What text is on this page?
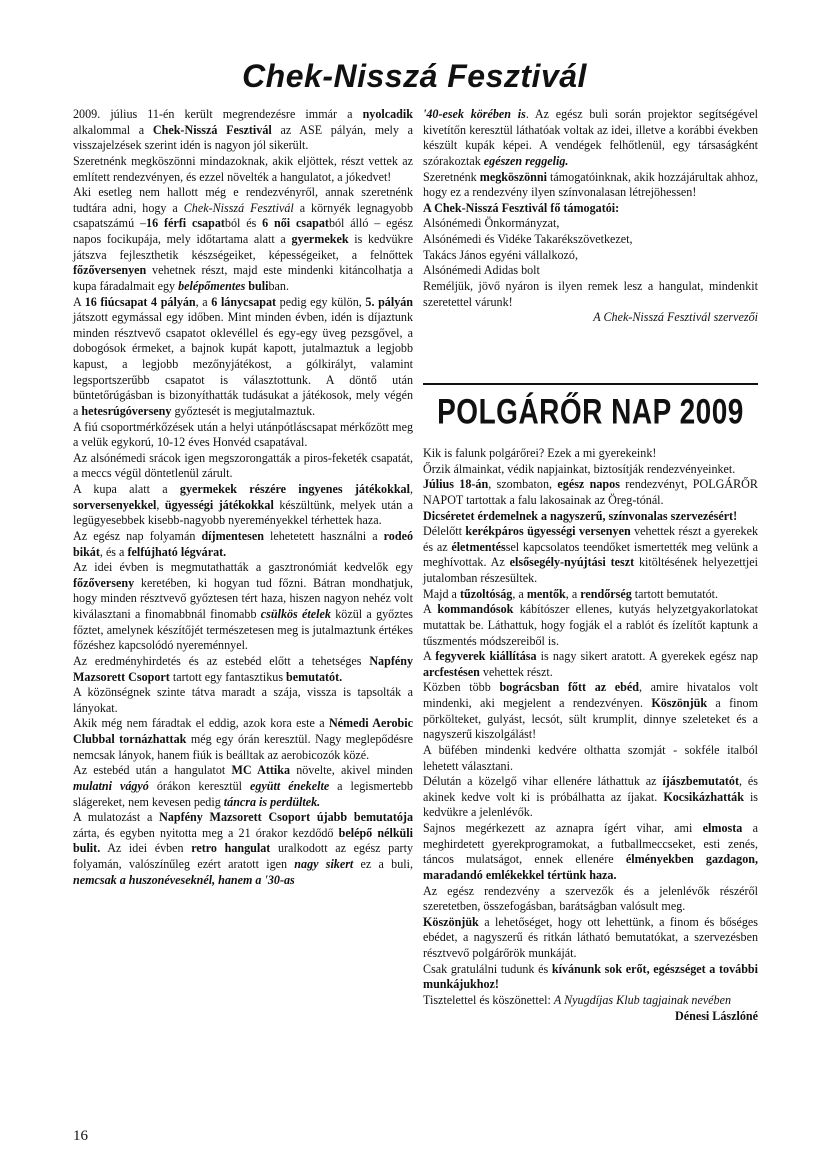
Chek-Nisszá Fesztivál

2009. július 11-én került megrendezésre immár a nyolcadik alkalommal a Chek-Nisszá Fesztivál az ASE pályán, mely a visszajelzések szerint idén is nagyon jól sikerült.

Szeretnénk megköszönni mindazoknak, akik eljöttek, részt vettek az említett rendezvényen, és ezzel növelték a hangulatot, a jókedvet!

Aki esetleg nem hallott még e rendezvényről, annak szeretnénk tudtára adni, hogy a Chek-Nisszá Fesztivál a környék legnagyobb csapatszámú –16 férfi csapatból és 6 női csapatból álló – egész napos focikupája, mely időtartama alatt a gyermekek is kedvükre játszva fejleszthetik készségeiket, képességeiket, a felnőttek főzőversenyen vehetnek részt, majd este mindenki kitáncolhatja a kupa fáradalmait egy belépőmentes buliban.

A 16 fiúcsapat 4 pályán, a 6 lánycsapat pedig egy külön, 5. pályán játszott egymással egy időben. Mint minden évben, idén is díjaztunk minden résztvevő csapatot oklevéllel és egy-egy üveg pezsgővel, a dobogósok érmeket, a bajnok kupát kapott, jutalmaztuk a legjobb kapust, a legjobb mezőnyjátékost, a gólkirályt, valamint legsportszerűbb csapatot is választottunk. A döntő után büntetőrúgásban is bizonyíthatták tudásukat a játékosok, mely végén a hetesrúgóverseny győztesét is megjutalmaztuk.

A fiú csoportmérkőzések után a helyi utánpótláscsapat mérkőzött meg a velük egykorú, 10-12 éves Honvéd csapatával.

Az alsónémedi srácok igen megszorongatták a piros-feketék csapatát, a meccs végül döntetlenül zárult.

A kupa alatt a gyermekek részére ingyenes játékokkal, sorversenyekkel, ügyességi játékokkal készültünk, melyek után a legügyesebbek kisebb-nagyobb nyereményekkel térhettek haza.

Az egész nap folyamán díjmentesen lehetetett használni a rodeó bikát, és a felfújható légvárat.

Az idei évben is megmutathatták a gasztronómiát kedvelők egy főzőverseny keretében, ki hogyan tud főzni. Bátran mondhatjuk, hogy minden résztvevő győztesen tért haza, hiszen nagyon nehéz volt kiválasztani a finomabbnál finomabb csülkös ételek közül a győztes főztet, amelynek készítőjét természetesen meg is jutalmaztunk értékes főzéshez kapcsolódó nyereménnyel.

Az eredményhirdetés és az estebéd előtt a tehetséges Napfény Mazsorett Csoport tartott egy fantasztikus bemutatót.

A közönségnek szinte tátva maradt a szája, vissza is tapsolták a lányokat.

Akik még nem fáradtak el eddig, azok kora este a Némedi Aerobic Clubbal tornázhattak még egy órán keresztül. Nagy meglepődésre nemcsak lányok, hanem fiúk is beálltak az aerobicozók közé.

Az estebéd után a hangulatot MC Attika növelte, akivel minden mulatni vágyó órákon keresztül együtt énekelte a legismertebb slágereket, nem kevesen pedig táncra is perdültek.

A mulatozást a Napfény Mazsorett Csoport újabb bemutatója zárta, és egyben nyitotta meg a 21 órakor kezdődő belépő nélküli bulit. Az idei évben retro hangulat uralkodott az egész party folyamán, valószínűleg ezért aratott igen nagy sikert ez a buli, nemcsak a huszonéveseknél, hanem a '30-as

'40-esek körében is. Az egész buli során projektor segítségével kivetítőn keresztül láthatóak voltak az idei, illetve a korábbi években készült kupák képei. A vendégek felhőtlenül, egy társaságként szórakoztak egészen reggelig.

Szeretnénk megköszönni támogatóinknak, akik hozzájárultak ahhoz, hogy ez a rendezvény ilyen színvonalasan létrejöhessen!

A Chek-Nisszá Fesztivál fő támogatói:

Alsónémedi Önkormányzat,

Alsónémedi és Vidéke Takarékszövetkezet,

Takács János egyéni vállalkozó,

Alsónémedi Adidas bolt

Reméljük, jövő nyáron is ilyen remek lesz a hangulat, mindenkit szeretettel várunk!

A Chek-Nisszá Fesztivál szervezői

POLGÁRŐR NAP 2009

Kik is falunk polgárőrei? Ezek a mi gyerekeink!

Őrzik álmainkat, védik napjainkat, biztosítják rendezvényeinket.

Július 18-án, szombaton, egész napos rendezvényt, POLGÁRŐR NAPOT tartottak a falu lakosainak az Öreg-tónál.

Dicséretet érdemelnek a nagyszerű, színvonalas szervezésért!

Délelőtt kerékpáros ügyességi versenyen vehettek részt a gyerekek és az életmentéssel kapcsolatos teendőket ismertették meg velünk a meghívottak. Az elsősegély-nyújtási teszt kitöltésének helyezettjei jutalomban részesültek.

Majd a tűzoltóság, a mentők, a rendőrség tartott bemutatót.

A kommandósok kábítószer ellenes, kutyás helyzetgyakorlatokat mutattak be. Láthattuk, hogy fogják el a rablót és ízelítőt kaptunk a tűszmentés módszereiből is.

A fegyverek kiállítása is nagy sikert aratott. A gyerekek egész nap arcfestésen vehettek részt.

Közben több bográcsban főtt az ebéd, amire hivatalos volt mindenki, aki megjelent a rendezvényen. Köszönjük a finom pörkölteket, gulyást, lecsót, sült krumplit, dinnye szeleteket és a nagyszerű kiszolgálást!

A büfében mindenki kedvére olthatta szomját - sokféle italból lehetett választani.

Délután a közelgő vihar ellenére láthattuk az íjászbemutatót, és akinek kedve volt ki is próbálhatta az íjakat. Kocsikázhatták is kedvükre a jelenlévők.

Sajnos megérkezett az aznapra ígért vihar, ami elmosta a meghirdetett gyerekprogramokat, a futballmeccseket, esti zenés, táncos mulatságot, ennek ellenére élményekben gazdagon, maradandó emlékekkel tértünk haza.

Az egész rendezvény a szervezők és a jelenlévők részéről szeretetben, összefogásban, barátságban valósult meg.

Köszönjük a lehetőséget, hogy ott lehettünk, a finom és bőséges ebédet, a nagyszerű és ritkán látható bemutatókat, a szervezésben résztvevő polgárőrök munkáját.

Csak gratulálni tudunk és kívánunk sok erőt, egészséget a további munkájukhoz!

Tisztelettel és köszönettel: A Nyugdíjas Klub tagjainak nevében

Dénesi Lászlóné

16
